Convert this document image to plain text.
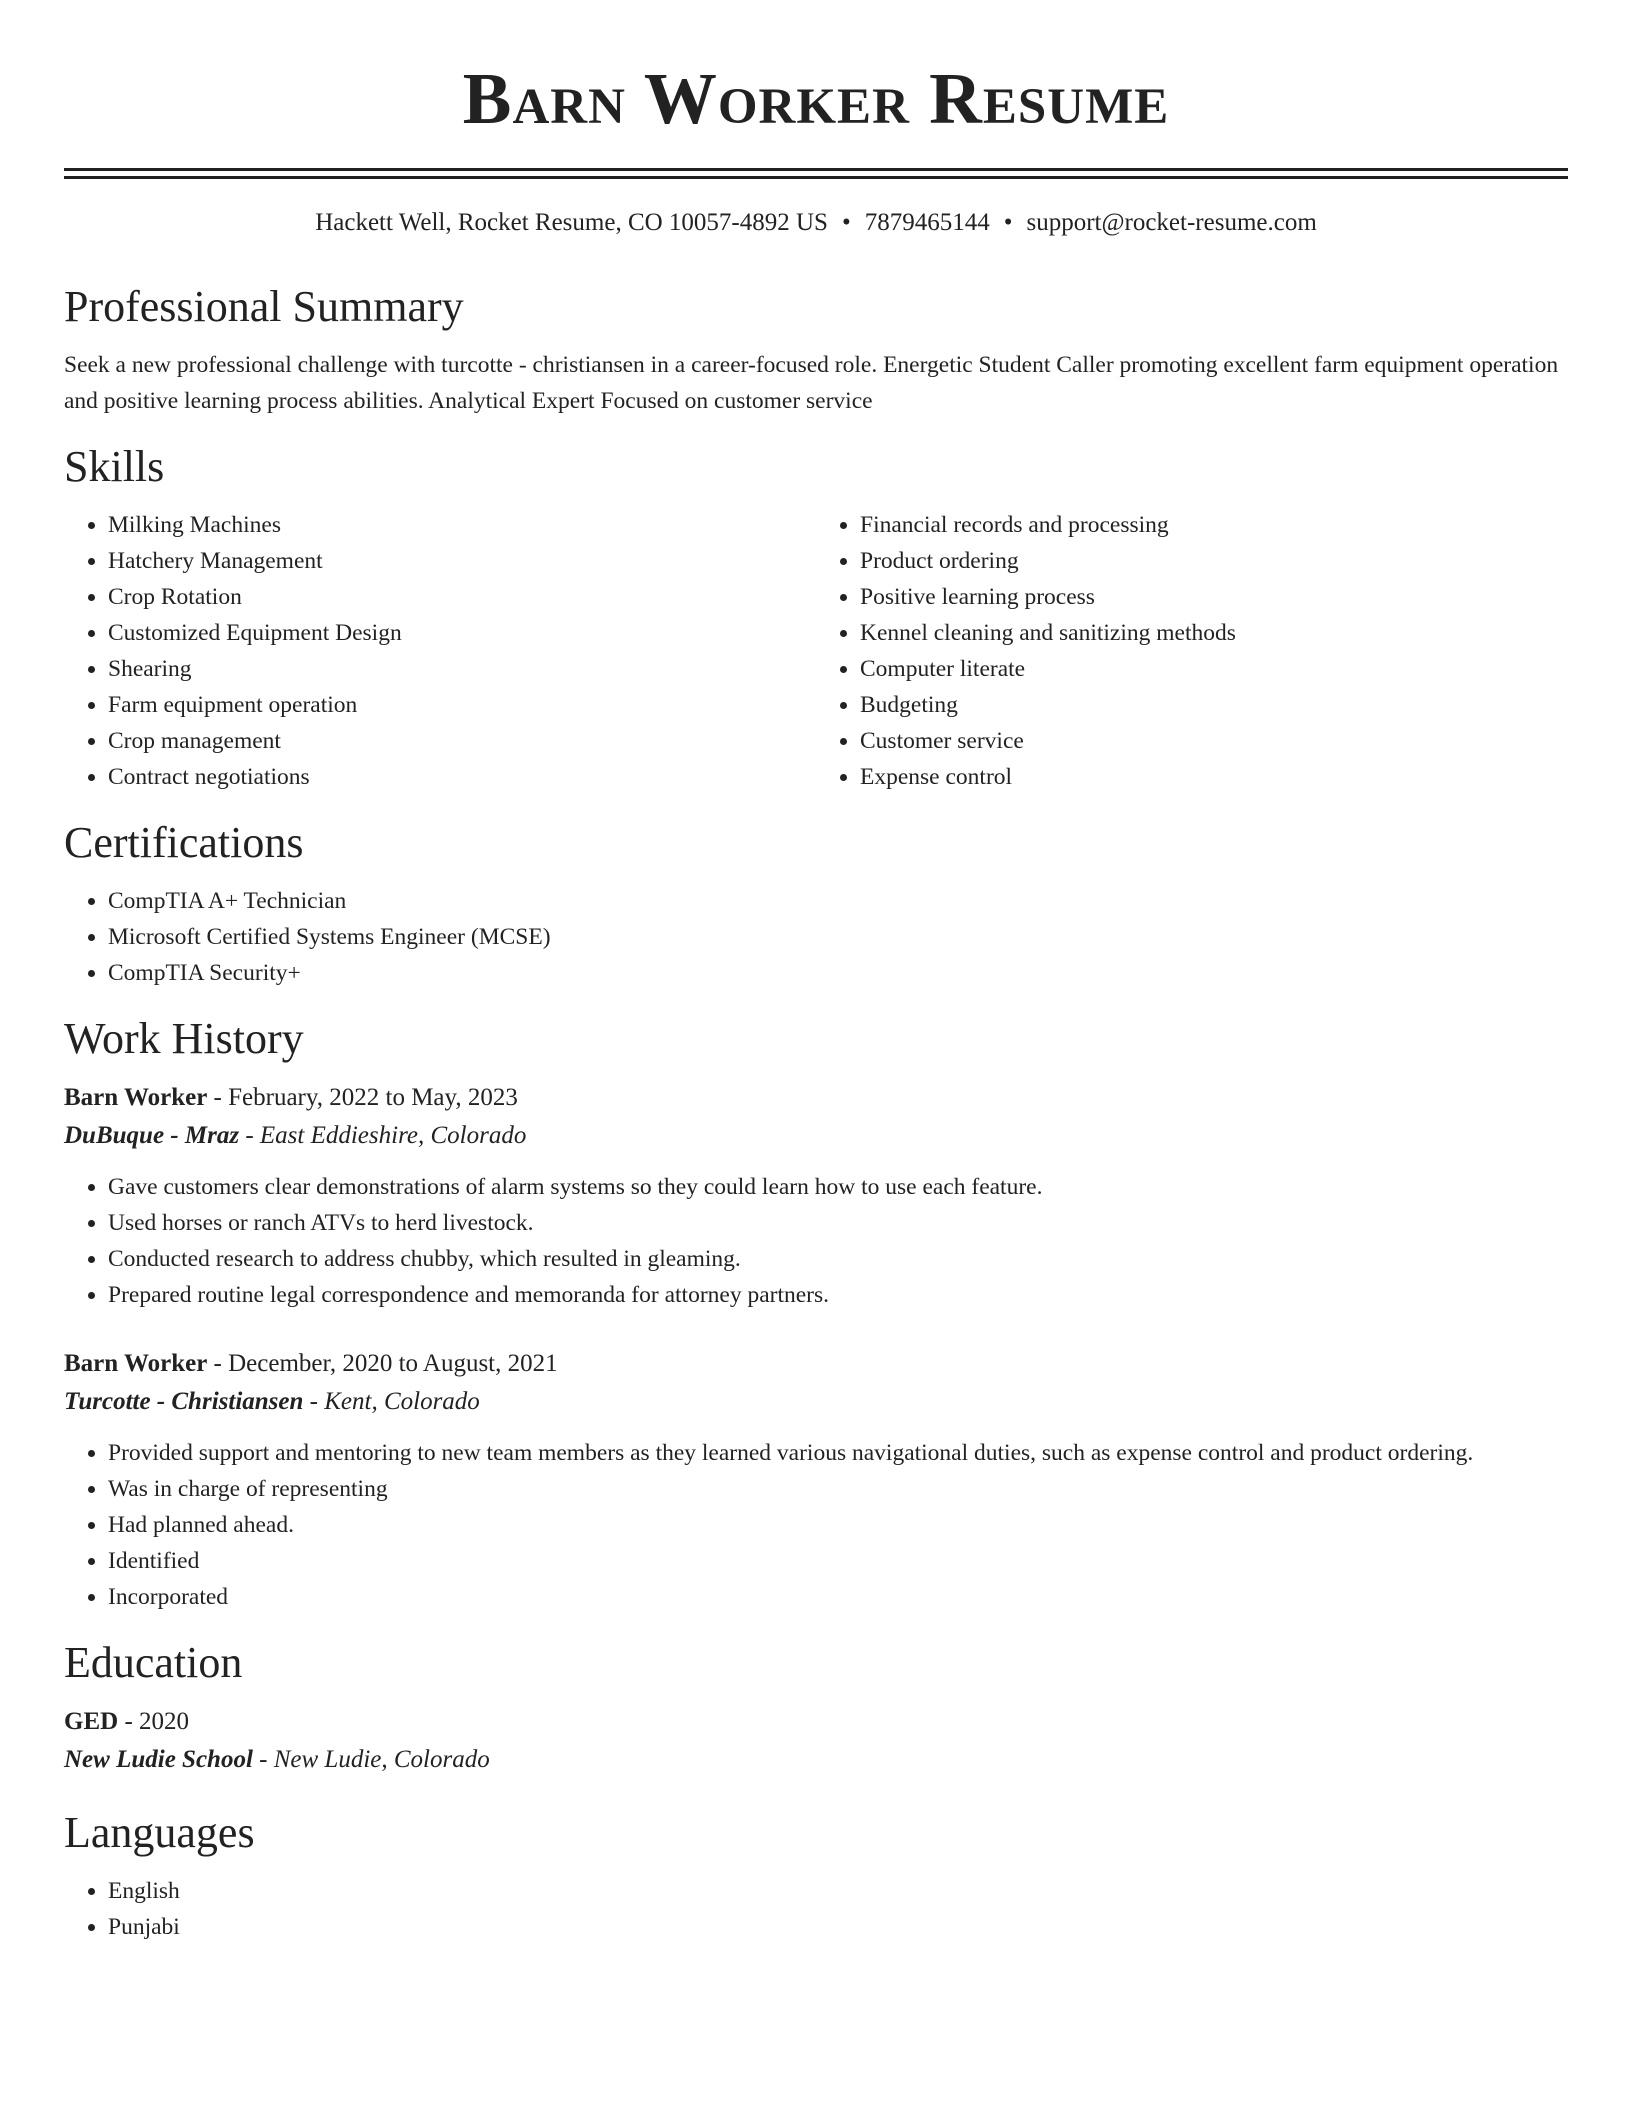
Barn Worker Resume
Hackett Well, Rocket Resume, CO 10057-4892 US • 7879465144 • support@rocket-resume.com
Professional Summary

Seek a new professional challenge with turcotte - christiansen in a career-focused role. Energetic Student Caller promoting excellent farm equipment operation and positive learning process abilities. Analytical Expert Focused on customer service

Skills
• Milking Machines
• Hatchery Management
• Crop Rotation
• Customized Equipment Design
• Shearing
• Farm equipment operation
• Crop management
• Contract negotiations
• Financial records and processing
• Product ordering
• Positive learning process
• Kennel cleaning and sanitizing methods
• Computer literate
• Budgeting
• Customer service
• Expense control
Certifications
• CompTIA A+ Technician
• Microsoft Certified Systems Engineer (MCSE)
• CompTIA Security+
Work History
Barn Worker - February, 2022 to May, 2023
DuBuque - Mraz - East Eddieshire, Colorado
• Gave customers clear demonstrations of alarm systems so they could learn how to use each feature.
• Used horses or ranch ATVs to herd livestock.
• Conducted research to address chubby, which resulted in gleaming.
• Prepared routine legal correspondence and memoranda for attorney partners.
Barn Worker - December, 2020 to August, 2021
Turcotte - Christiansen - Kent, Colorado
• Provided support and mentoring to new team members as they learned various navigational duties, such as expense control and product ordering.
• Was in charge of representing
• Had planned ahead.
• Identified
• Incorporated
Education
GED - 2020
New Ludie School - New Ludie, Colorado
Languages
• English
• Punjabi
